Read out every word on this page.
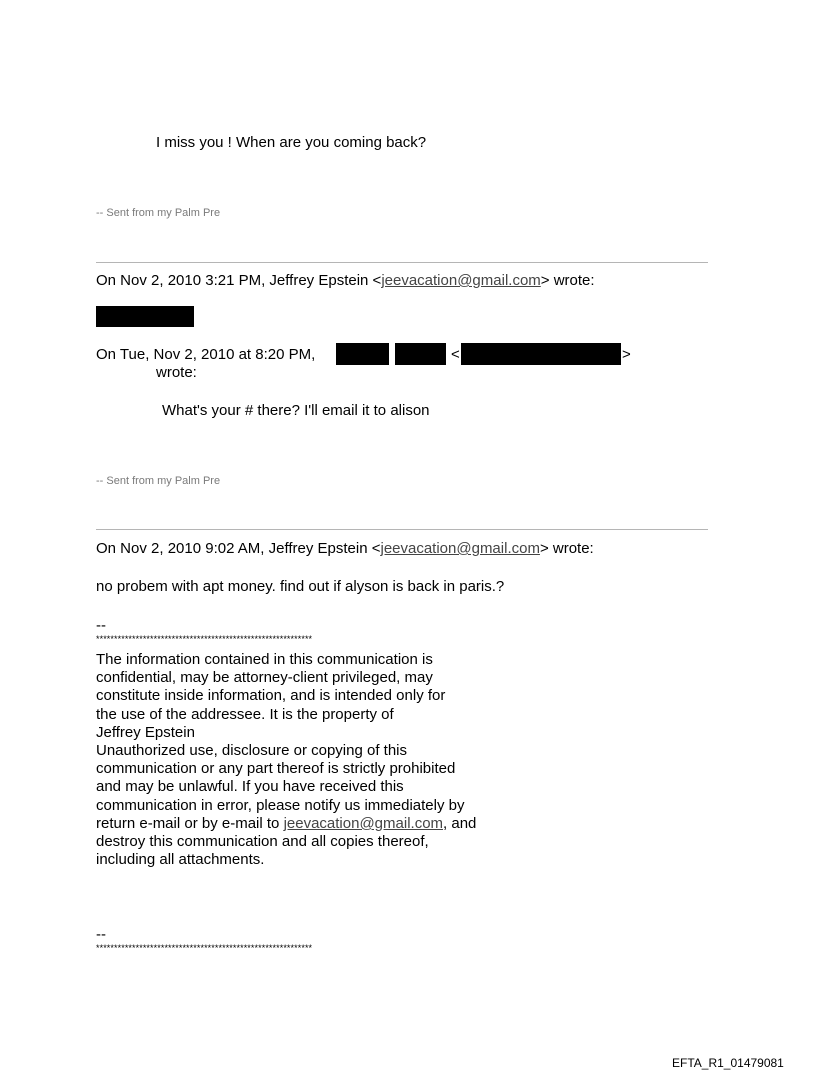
I miss you ! When are you coming back?
-- Sent from my Palm Pre
On Nov 2, 2010 3:21 PM, Jeffrey Epstein <jeevacation@gmail.com> wrote:
On Tue, Nov 2, 2010 at 8:20 PM,	<	>
wrote:
What's your # there? I'll email it to alison
-- Sent from my Palm Pre
On Nov 2, 2010 9:02 AM, Jeffrey Epstein <jeevacation@gmail.com> wrote:
no probem with apt money. find out if alyson is back in paris.?
--
************************************************************
The information contained in this communication is
confidential, may be attorney-client privileged, may
constitute inside information, and is intended only for
the use of the addressee. It is the property of
Jeffrey Epstein
Unauthorized use, disclosure or copying of this
communication or any part thereof is strictly prohibited
and may be unlawful. If you have received this
communication in error, please notify us immediately by
return e-mail or by e-mail to jeevacation@gmail.com, and
destroy this communication and all copies thereof,
including all attachments.
--
************************************************************
EFTA_R1_01479081
